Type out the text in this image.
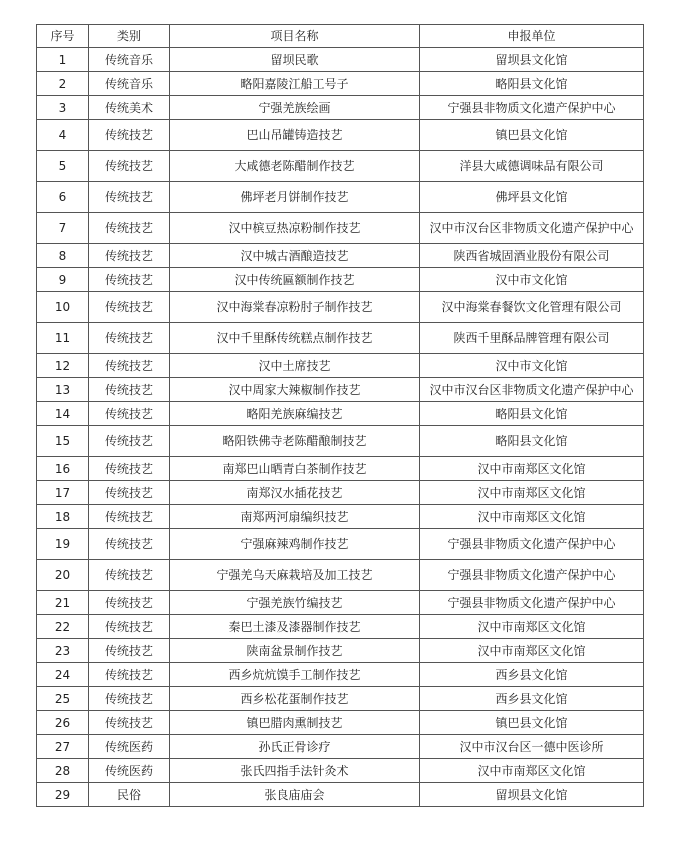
序号	类别	项目名称	申报单位
1	传统音乐	留坝民歌	留坝县文化馆
2	传统音乐	略阳嘉陵江船工号子	略阳县文化馆
3	传统美术	宁强羌族绘画	宁强县非物质文化遗产保护中心
4	传统技艺	巴山吊罐铸造技艺	镇巴县文化馆
5	传统技艺	大咸德老陈醋制作技艺	洋县大咸德调味品有限公司
6	传统技艺	佛坪老月饼制作技艺	佛坪县文化馆
7	传统技艺	汉中槟豆热凉粉制作技艺	汉中市汉台区非物质文化遗产保护中心
8	传统技艺	汉中城古酒酿造技艺	陕西省城固酒业股份有限公司
9	传统技艺	汉中传统匾额制作技艺	汉中市文化馆
10	传统技艺	汉中海棠春凉粉肘子制作技艺	汉中海棠春餐饮文化管理有限公司
11	传统技艺	汉中千里酥传统糕点制作技艺	陕西千里酥品牌管理有限公司
12	传统技艺	汉中土席技艺	汉中市文化馆
13	传统技艺	汉中周家大辣椒制作技艺	汉中市汉台区非物质文化遗产保护中心
14	传统技艺	略阳羌族麻编技艺	略阳县文化馆
15	传统技艺	略阳铁佛寺老陈醋酿制技艺	略阳县文化馆
16	传统技艺	南郑巴山晒青白茶制作技艺	汉中市南郑区文化馆
17	传统技艺	南郑汉水插花技艺	汉中市南郑区文化馆
18	传统技艺	南郑两河扇编织技艺	汉中市南郑区文化馆
19	传统技艺	宁强麻辣鸡制作技艺	宁强县非物质文化遗产保护中心
20	传统技艺	宁强羌乌天麻栽培及加工技艺	宁强县非物质文化遗产保护中心
21	传统技艺	宁强羌族竹编技艺	宁强县非物质文化遗产保护中心
22	传统技艺	秦巴土漆及漆器制作技艺	汉中市南郑区文化馆
23	传统技艺	陕南盆景制作技艺	汉中市南郑区文化馆
24	传统技艺	西乡炕炕馍手工制作技艺	西乡县文化馆
25	传统技艺	西乡松花蛋制作技艺	西乡县文化馆
26	传统技艺	镇巴腊肉熏制技艺	镇巴县文化馆
27	传统医药	孙氏正骨诊疗	汉中市汉台区一德中医诊所
28	传统医药	张氏四指手法针灸术	汉中市南郑区文化馆
29	民俗	张良庙庙会	留坝县文化馆
